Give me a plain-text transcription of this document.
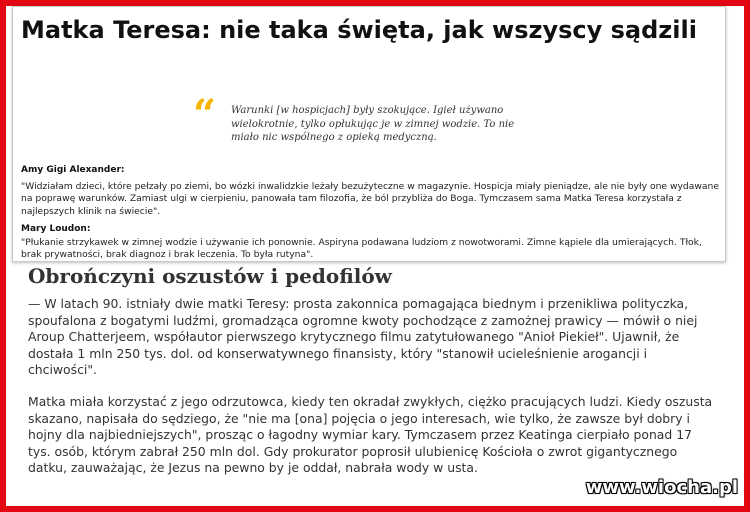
Matka Teresa: nie taka święta, jak wszyscy sądzili
“ Warunki [w hospicjach] były szokujące. Igieł używano wielokrotnie, tylko opłukując je w zimnej wodzie. To nie miało nic wspólnego z opieką medyczną.
Amy Gigi Alexander:
"Widziałam dzieci, które pełzały po ziemi, bo wózki inwalidzkie leżały bezużyteczne w magazynie. Hospicja miały pieniądze, ale nie były one wydawane na poprawę warunków. Zamiast ulgi w cierpieniu, panowała tam filozofia, że ból przybliża do Boga. Tymczasem sama Matka Teresa korzystała z najlepszych klinik na świecie".
Mary Loudon:
"Płukanie strzykawek w zimnej wodzie i używanie ich ponownie. Aspiryna podawana ludziom z nowotworami. Zimne kąpiele dla umierających. Tłok, brak prywatności, brak diagnoz i brak leczenia. To była rutyna".
Obrończyni oszustów i pedofilów

— W latach 90. istniały dwie matki Teresy: prosta zakonnica pomagająca biednym i przenikliwa polityczka, spoufalona z bogatymi ludźmi, gromadząca ogromne kwoty pochodzące z zamożnej prawicy — mówił o niej Aroup Chatterjeem, współautor pierwszego krytycznego filmu zatytułowanego "Anioł Piekieł". Ujawnił, że dostała 1 mln 250 tys. dol. od konserwatywnego finansisty, który "stanowił ucieleśnienie arogancji i chciwości".

Matka miała korzystać z jego odrzutowca, kiedy ten okradał zwykłych, ciężko pracujących ludzi. Kiedy oszusta skazano, napisała do sędziego, że "nie ma [ona] pojęcia o jego interesach, wie tylko, że zawsze był dobry i hojny dla najbiedniejszych", prosząc o łagodny wymiar kary. Tymczasem przez Keatinga cierpiało ponad 17 tys. osób, którym zabrał 250 mln dol. Gdy prokurator poprosił ulubienicę Kościoła o zwrot gigantycznego datku, zauważając, że Jezus na pewno by je oddał, nabrała wody w usta.

www.wiocha.pl
